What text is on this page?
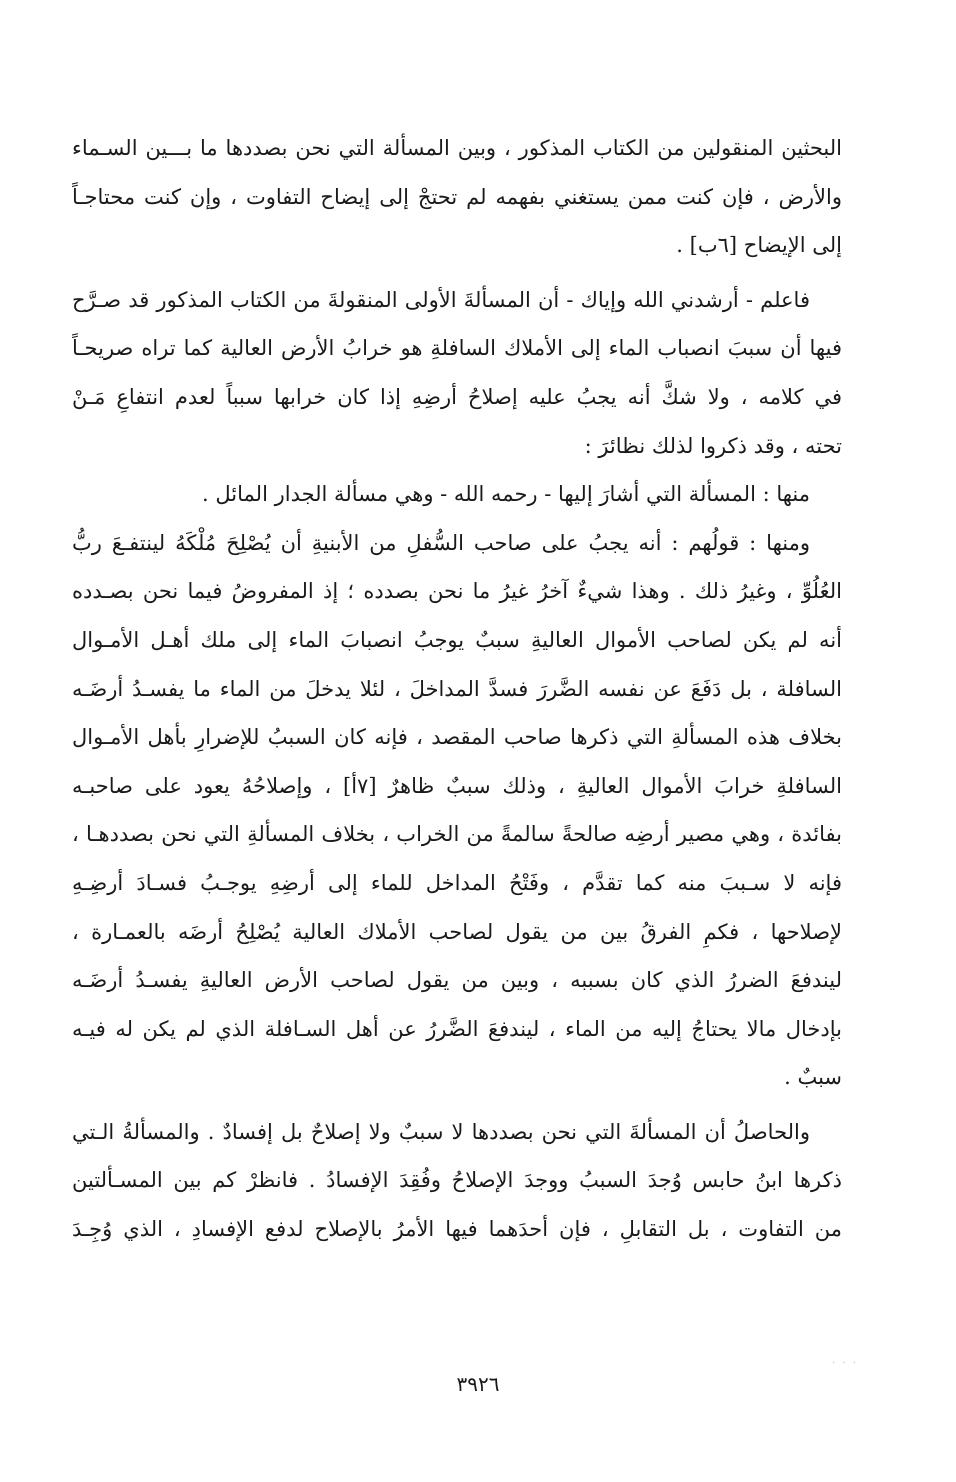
البحثين المنقولين من الكتاب المذكور ، وبين المسألة التي نحن بصددها ما بـــين السـماء
والأرض ، فإن كنت ممن يستغني بفهمه لم تحتجْ إلى إيضاح التفاوت ، وإن كنت محتاجـاً
إلى الإيضاح [٦ب] .
فاعلم - أرشدني الله وإياك - أن المسألةَ الأولى المنقولةَ من الكتاب المذكور قد صـرَّح
فيها أن سببَ انصباب الماء إلى الأملاك السافلةِ هو خرابُ الأرض العالية كما تراه صريحـاً
في كلامه ، ولا شكَّ أنه يجبُ عليه إصلاحُ أرضِهِ إذا كان خرابها سبباً لعدم انتفاعِ مَـنْ
تحته ، وقد ذكروا لذلك نظائرَ :
منها : المسألة التي أشارَ إليها - رحمه الله - وهي مسألة الجدار المائل .
ومنها : قولُهم : أنه يجبُ على صاحب السُّفلِ من الأبنيةِ أن يُصْلِحَ مُلْكَهُ لينتفـعَ ربُّ
العُلُوِّ ، وغيرُ ذلك . وهذا شيءٌ آخرُ غيرُ ما نحن بصدده ؛ إذ المفروضُ فيما نحن بصـدده
أنه لم يكن لصاحب الأموال العاليةِ سببٌ يوجبُ انصبابَ الماء إلى ملك أهـل الأمـوال
السافلة ، بل دَفَعَ عن نفسه الضَّررَ فسدَّ المداخلَ ، لئلا يدخلَ من الماء ما يفسـدُ أرضَـه
بخلاف هذه المسألةِ التي ذكرها صاحب المقصد ، فإنه كان السببُ للإضرارِ بأهل الأمـوال
السافلةِ خرابَ الأموال العاليةِ ، وذلك سببٌ ظاهرٌ [٧أ] ، وإصلاحُهُ يعود على صاحبـه
بفائدة ، وهي مصير أرضِه صالحةً سالمةً من الخراب ، بخلاف المسألةِ التي نحن بصددهـا ،
فإنه لا سـببَ منه كما تقدَّم ، وفَتْحُ المداخل للماء إلى أرضِهِ يوجـبُ فسـادَ أرضِـهِ
لإصلاحها ، فكمِ الفرقُ بين من يقول لصاحب الأملاك العالية يُصْلِحُ أرضَه بالعمـارة ،
ليندفعَ الضررُ الذي كان بسببه ، وبين من يقول لصاحب الأرض العاليةِ يفسـدُ أرضَـه
بإدخال مالا يحتاجُ إليه من الماء ، ليندفعَ الضَّررُ عن أهل السـافلة الذي لم يكن له فيـه
سببٌ .
والحاصلُ أن المسألةَ التي نحن بصددها لا سببٌ ولا إصلاحٌ بل إفسادٌ . والمسألةُ الـتي
ذكرها ابنُ حابس وُجدَ السببُ ووجدَ الإصلاحُ وفُقِدَ الإفسادُ . فانظرْ كم بين المسـألتين
من التفاوت ، بل التقابلِ ، فإن أحدَهما فيها الأمرُ بالإصلاح لدفع الإفسادِ ، الذي وُجِـدَ
· · ·
٣٩٢٦
